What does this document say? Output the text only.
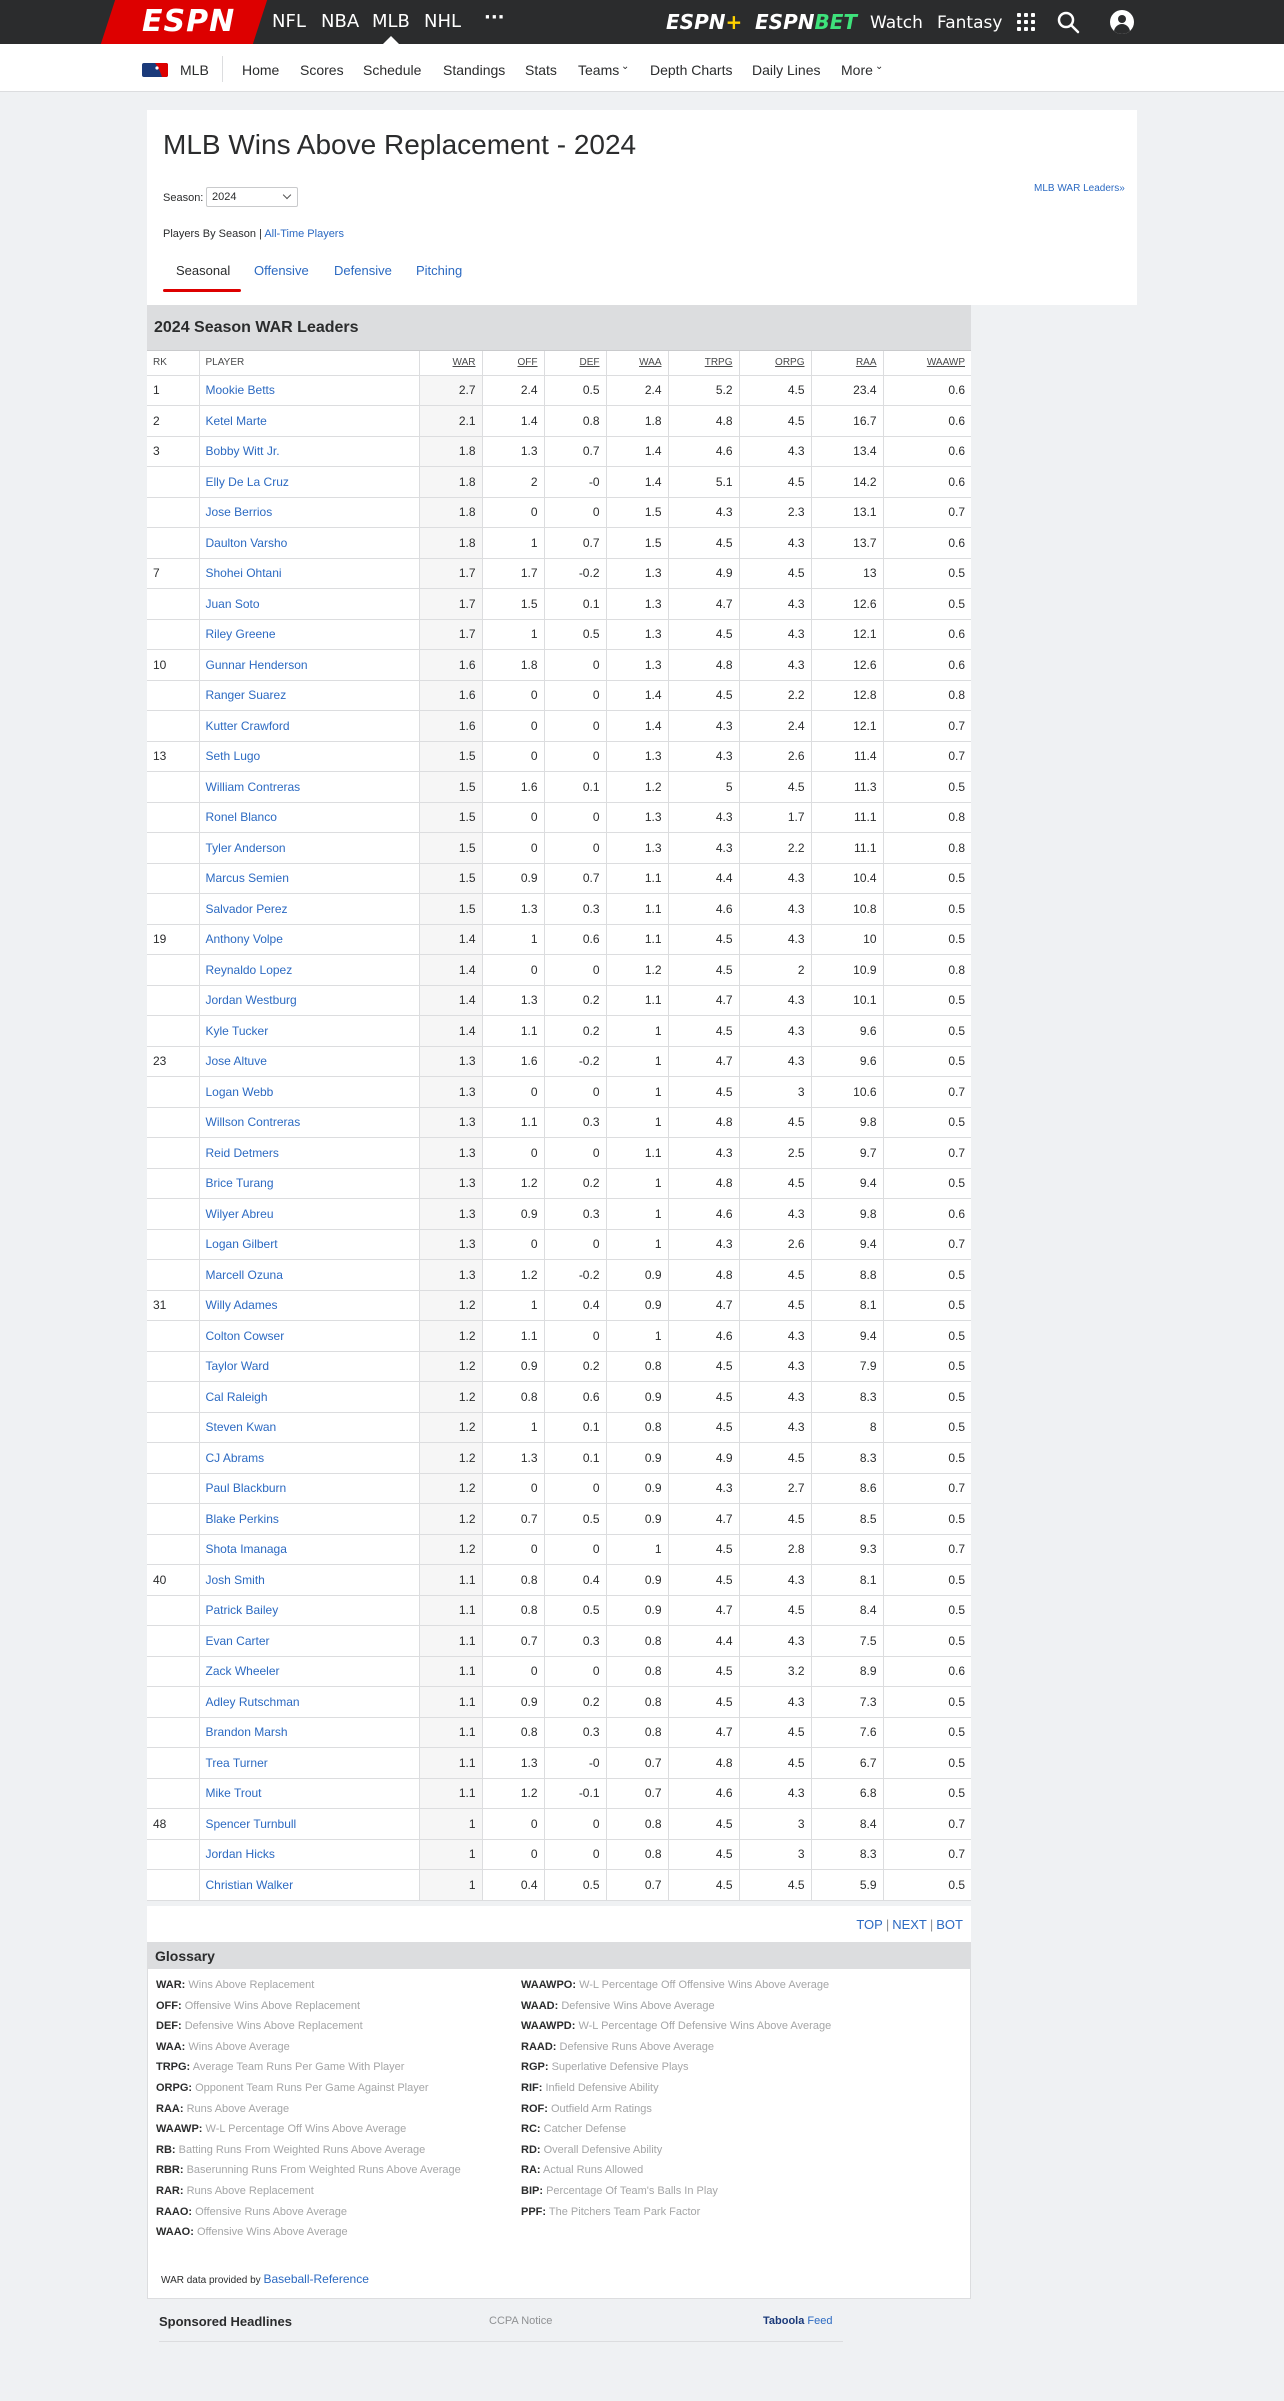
ESPN NFL NBA MLB NHL ···	ESPN+ ESPNBET Watch Fantasy
MLB Home Scores Schedule Standings Stats Teams ⌄ Depth Charts Daily Lines More ⌄
MLB Wins Above Replacement - 2024
Season: 2024
MLB WAR Leaders»
Players By Season | All-Time Players
Seasonal Offensive Defensive Pitching
2024 Season WAR Leaders
RK	PLAYER	WAR	OFF	DEF	WAA	TRPG	ORPG	RAA	WAAWP
1	Mookie Betts	2.7	2.4	0.5	2.4	5.2	4.5	23.4	0.6
2	Ketel Marte	2.1	1.4	0.8	1.8	4.8	4.5	16.7	0.6
3	Bobby Witt Jr.	1.8	1.3	0.7	1.4	4.6	4.3	13.4	0.6
	Elly De La Cruz	1.8	2	-0	1.4	5.1	4.5	14.2	0.6
	Jose Berrios	1.8	0	0	1.5	4.3	2.3	13.1	0.7
	Daulton Varsho	1.8	1	0.7	1.5	4.5	4.3	13.7	0.6
7	Shohei Ohtani	1.7	1.7	-0.2	1.3	4.9	4.5	13	0.5
	Juan Soto	1.7	1.5	0.1	1.3	4.7	4.3	12.6	0.5
	Riley Greene	1.7	1	0.5	1.3	4.5	4.3	12.1	0.6
10	Gunnar Henderson	1.6	1.8	0	1.3	4.8	4.3	12.6	0.6
	Ranger Suarez	1.6	0	0	1.4	4.5	2.2	12.8	0.8
	Kutter Crawford	1.6	0	0	1.4	4.3	2.4	12.1	0.7
13	Seth Lugo	1.5	0	0	1.3	4.3	2.6	11.4	0.7
	William Contreras	1.5	1.6	0.1	1.2	5	4.5	11.3	0.5
	Ronel Blanco	1.5	0	0	1.3	4.3	1.7	11.1	0.8
	Tyler Anderson	1.5	0	0	1.3	4.3	2.2	11.1	0.8
	Marcus Semien	1.5	0.9	0.7	1.1	4.4	4.3	10.4	0.5
	Salvador Perez	1.5	1.3	0.3	1.1	4.6	4.3	10.8	0.5
19	Anthony Volpe	1.4	1	0.6	1.1	4.5	4.3	10	0.5
	Reynaldo Lopez	1.4	0	0	1.2	4.5	2	10.9	0.8
	Jordan Westburg	1.4	1.3	0.2	1.1	4.7	4.3	10.1	0.5
	Kyle Tucker	1.4	1.1	0.2	1	4.5	4.3	9.6	0.5
23	Jose Altuve	1.3	1.6	-0.2	1	4.7	4.3	9.6	0.5
	Logan Webb	1.3	0	0	1	4.5	3	10.6	0.7
	Willson Contreras	1.3	1.1	0.3	1	4.8	4.5	9.8	0.5
	Reid Detmers	1.3	0	0	1.1	4.3	2.5	9.7	0.7
	Brice Turang	1.3	1.2	0.2	1	4.8	4.5	9.4	0.5
	Wilyer Abreu	1.3	0.9	0.3	1	4.6	4.3	9.8	0.6
	Logan Gilbert	1.3	0	0	1	4.3	2.6	9.4	0.7
	Marcell Ozuna	1.3	1.2	-0.2	0.9	4.8	4.5	8.8	0.5
31	Willy Adames	1.2	1	0.4	0.9	4.7	4.5	8.1	0.5
	Colton Cowser	1.2	1.1	0	1	4.6	4.3	9.4	0.5
	Taylor Ward	1.2	0.9	0.2	0.8	4.5	4.3	7.9	0.5
	Cal Raleigh	1.2	0.8	0.6	0.9	4.5	4.3	8.3	0.5
	Steven Kwan	1.2	1	0.1	0.8	4.5	4.3	8	0.5
	CJ Abrams	1.2	1.3	0.1	0.9	4.9	4.5	8.3	0.5
	Paul Blackburn	1.2	0	0	0.9	4.3	2.7	8.6	0.7
	Blake Perkins	1.2	0.7	0.5	0.9	4.7	4.5	8.5	0.5
	Shota Imanaga	1.2	0	0	1	4.5	2.8	9.3	0.7
40	Josh Smith	1.1	0.8	0.4	0.9	4.5	4.3	8.1	0.5
	Patrick Bailey	1.1	0.8	0.5	0.9	4.7	4.5	8.4	0.5
	Evan Carter	1.1	0.7	0.3	0.8	4.4	4.3	7.5	0.5
	Zack Wheeler	1.1	0	0	0.8	4.5	3.2	8.9	0.6
	Adley Rutschman	1.1	0.9	0.2	0.8	4.5	4.3	7.3	0.5
	Brandon Marsh	1.1	0.8	0.3	0.8	4.7	4.5	7.6	0.5
	Trea Turner	1.1	1.3	-0	0.7	4.8	4.5	6.7	0.5
	Mike Trout	1.1	1.2	-0.1	0.7	4.6	4.3	6.8	0.5
48	Spencer Turnbull	1	0	0	0.8	4.5	3	8.4	0.7
	Jordan Hicks	1	0	0	0.8	4.5	3	8.3	0.7
	Christian Walker	1	0.4	0.5	0.7	4.5	4.5	5.9	0.5
TOP | NEXT | BOT
Glossary
WAR: Wins Above Replacement
OFF: Offensive Wins Above Replacement
DEF: Defensive Wins Above Replacement
WAA: Wins Above Average
TRPG: Average Team Runs Per Game With Player
ORPG: Opponent Team Runs Per Game Against Player
RAA: Runs Above Average
WAAWP: W-L Percentage Off Wins Above Average
RB: Batting Runs From Weighted Runs Above Average
RBR: Baserunning Runs From Weighted Runs Above Average
RAR: Runs Above Replacement
RAAO: Offensive Runs Above Average
WAAO: Offensive Wins Above Average
WAAWPO: W-L Percentage Off Offensive Wins Above Average
WAAD: Defensive Wins Above Average
WAAWPD: W-L Percentage Off Defensive Wins Above Average
RAAD: Defensive Runs Above Average
RGP: Superlative Defensive Plays
RIF: Infield Defensive Ability
ROF: Outfield Arm Ratings
RC: Catcher Defense
RD: Overall Defensive Ability
RA: Actual Runs Allowed
BIP: Percentage Of Team's Balls In Play
PPF: The Pitchers Team Park Factor
WAR data provided by Baseball-Reference
Sponsored Headlines	CCPA Notice	Taboola Feed
